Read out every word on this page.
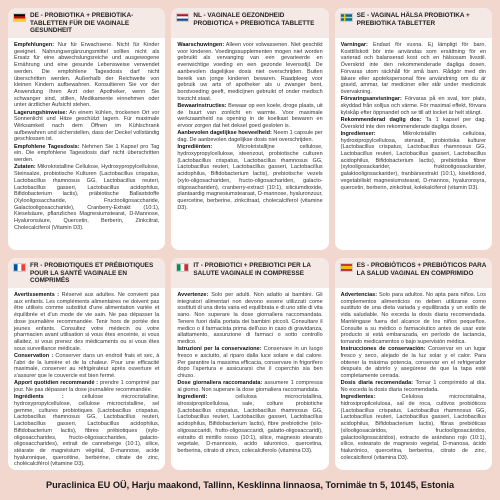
DE - PROBIOTIKA + PREBIOTIKA-TABLETTEN FÜR DIE VAGINALE GESUNDHEIT

Empfehlungen: Nur für Erwachsene. Nicht für Kinder geeignet. Nahrungsergänzungsmittel sollten nicht als Ersatz für eine abwechslungsreiche und ausgewogene Ernährung und eine gesunde Lebensweise verwendet werden. Die empfohlene Tagesdosis darf nicht überschritten werden. Außerhalb der Reichweite von kleinen Kindern aufbewahren. Konsultieren Sie vor der Anwendung Ihren Arzt oder Apotheker, wenn Sie schwanger sind, stillen, Medikamente einnehmen oder unter ärztlicher Aufsicht stehen.

Lagerungshinweise: An einem kühlen, trockenen Ort vor Sonnenlicht und Hitze geschützt lagern. Für maximale Wirksamkeit nach dem Öffnen im Kühlschrank aufbewahren und sicherstellen, dass der Deckel vollständig geschlossen ist.

Empfohlene Tagesdosis: Nehmen Sie 1 Kapsel pro Tag ein. Die empfohlene Tagesdosis darf nicht überschritten werden.

Zutaten: Mikrokristalline Cellulose, Hydroxypropylcellulose, Steinsalze, probiotische Kulturen (Lactobacillus crispatus, Lactobacillus rhamnosus GG, Lactobacillus reuteri, Lactobacillus gasseri, Lactobacillus acidophilus, Bifidobacterium lactis), präbiotische Ballaststoffe (Xylooligosaccharide, Fructooligosaccharide, Galactooligosaccharide), Cranberry-Extrakt (10:1), Kieselsäure, pflanzliches Magnesiumstearat, D-Mannose, Hyaluronsäure, Quercetin, Berberin, Zinkcitrat, Cholecalciferol (Vitamin D3).

NL - VAGINALE GEZONDHEID PROBIOTICA + PREBIOTICA TABLETTE

Waarschuwingen: Alleen voor volwassenen. Niet geschikt voor kinderen. Voedingssupplementen mogen niet worden gebruikt als vervanging van een gevarieerde en evenwichtige voeding en een gezonde levensstijl. De aanbevolen dagelijkse dosis niet overschrijden. Buiten bereik van jonge kinderen bewaren. Raadpleeg voor gebruik uw arts of apotheker als u zwanger bent, borstvoeding geeft, medicijnen gebruikt of onder medisch toezicht staat.

Bewaarinstructies: Bewaar op een koele, droge plaats, uit de buurt van zonlicht en warmte. Voor maximale werkzaamheid na opening in de koelkast bewaren en ervoor zorgen dat het deksel goed gesloten is.

Aanbevolen dagelijkse hoeveelheid: Neem 1 capsule per dag. De aanbevolen dagelijkse dosis niet overschrijden.

Ingrediënten: Microkristallijne cellulose, hydroxypropylcellulose, steenzout, probiotische culturen (Lactobacillus crispatus, Lactobacillus rhamnosus GG, Lactobacillus reuteri, Lactobacillus gasseri, Lactobacillus acidophilus, Bifidobacterium lactis), prebiotische vezels (xylo-oligosachariden, fructo-oligosachariden, galacto-oligosachariden), cranberry-extract (10:1), siliciumdioxide, plantaardig magnesiumstearaat, D-mannose, hyaluronzuur, quercetine, berberine, zinkcitraat, cholecalciferol (vitamine D3).

SE - VAGINAL HÄLSA PROBIOTIKA + PREBIOTIKA TABLETTER

Varningar: Endast för vuxna. Ej lämpligt för barn. Kosttillskott bör inte användas som ersättning för en varierad och balanserad kost och en hälsosam livsstil. Överskrid inte den rekommenderade dagliga dosen. Förvaras utom räckhåll för små barn. Rådgör med din läkare eller apotekspersonal före användning om du är gravid, ammar, tar mediciner eller står under medicinsk övervakning.

Förvaringsanvisningar: Förvaras på en sval, torr plats, skyddad från solljus och värme. För maximal effekt, förvara kylskåp efter öppnandet och se till att locket är helt stängt.

Rekommenderad daglig dos: Ta 1 kapsel per dag. Överskrid inte den rekommenderade dagliga dosen.

Ingredienser: Mikrokristallin cellulosa, hydroxipropylcellulosa, stensalt, probiotiska kulturer (Lactobacillus crispatus, Lactobacillus rhamnosus GG, Lactobacillus reuteri, Lactobacillus gasseri, Lactobacillus acidophilus, Bifidobacterium lactis), prebiotiska fibrer (xylooligosackarider, fruktooligosackarider, galaktooligosackarider), tranbärsextrakt (10:1), kiseldioxid, vegetabiliskt magnesiumstearat, D-mannos, hyaluronsyra, quercetin, berberin, zinkcitrat, kolekalciferol (vitamin D3).

FR - PROBIOTIQUES ET PRÉBIOTIQUES POUR LA SANTÉ VAGINALE EN COMPRIMÉS

Avertissements : Réservé aux adultes. Ne convient pas aux enfants. Les compléments alimentaires ne doivent pas être utilisés comme substitut d'une alimentation variée et équilibrée et d'un mode de vie sain. Ne pas dépasser la dose journalière recommandée. Tenir hors de portée des jeunes enfants. Consultez votre médecin ou votre pharmacien avant utilisation si vous êtes enceinte, si vous allaitez, si vous prenez des médicaments ou si vous êtes sous surveillance médicale.

Conservation : Conserver dans un endroit frais et sec, à l'abri de la lumière et de la chaleur. Pour une efficacité maximale, conserver au réfrigérateur après ouverture et s'assurer que le couvercle est bien fermé.

Apport quotidien recommandé : prendre 1 comprimé par jour. Ne pas dépasser la dose journalière recommandée.

Ingrédients : cellulose microcristalline, hydroxypropylcellulose, cellulose microcristalline, sel gemme, cultures probiotiques (Lactobacillus crispatus, Lactobacillus rhamnosus GG, Lactobacillus reuteri, Lactobacillus gasseri, Lactobacillus acidophilus, Bifidobacterium lactis), fibres prébiotiques (xylo-oligosaccharides, fructo-oligosaccharides, galacto-oligosaccharides), extrait de canneberge (10:1), silice, stéarate de magnésium végétal, D-mannose, acide hyaluronique, quercétine, berbérine, citrate de zinc, cholécalciférol (vitamine D3).

IT - PROBIOTICI + PREBIOTICI PER LA SALUTE VAGINALE IN COMPRESSE

Avvertenze: Solo per adulti. Non adatto ai bambini. Gli integratori alimentari non devono essere utilizzati come sostituti di una dieta varia ed equilibrata e di uno stile di vita sano. Non superare la dose giornaliera raccomandata. Tenere fuori dalla portata dei bambini piccoli. Consultare il medico o il farmacista prima dell'uso in caso di gravidanza, allattamento, assunzione di farmaci o sotto controllo medico.

Istruzioni per la conservazione: Conservare in un luogo fresco e asciutto, al riparo dalla luce solare e dal calore. Per garantire la massima efficacia, conservare in frigorifero dopo l'apertura e assicurarsi che il coperchio sia ben chiuso.

Dose giornaliera raccomandata: assumere 1 compressa al giorno. Non superare la dose giornaliera raccomandata.

Ingredienti: cellulosa microcristallina, idrossipropilcellulosa, sale, colture probiotiche (Lactobacillus crispatus, Lactobacillus rhamnosus GG, Lactobacillus reuteri, Lactobacillus gasseri, Lactobacillus acidophilus, Bifidobacterium lactis), fibre prebiotiche (xilo-oligosaccaridi, frutto-oligosaccaridi, galatto-oligosaccaridi), estratto di mirtillo rosso (10:1), silice, magnesio stearato vegetale, D-mannosio, acido ialuronico, quercetina, berberina, citrato di zinco, colecalciferolo (vitamina D3).

ES - PROBIÓTICOS + PREBIÓTICOS PARA LA SALUD VAGINAL EN COMPRIMIDO

Advertencias: Solo para adultos. No apta para niños. Los complementos alimenticios no deben utilizarse como sustituto de una dieta variada y equilibrada y un estilo de vida saludable. No exceda la dosis diaria recomendada. Manténgase fuera del alcance de los niños pequeños. Consulte a su médico o farmacéutico antes de usar este producto si está embarazada, en período de lactancia, tomando medicamentos o bajo supervisión médica.

Instrucciones de conservación: Conservar en un lugar fresco y seco, alejado de la luz solar y el calor. Para obtener la máxima potencia, conservar en el refrigerador después de abrirlo y asegúrese de que la tapa esté completamente cerrada.

Dosis diaria recomendada: Tomar 1 comprimido al día. No exceda la dosis diaria recomendada.

Ingredientes: Celulosa microcristalina, hidroxipropilcelulosa, sal de roca, cultivos probióticos (Lactobacillus crispatus, Lactobacillus rhamnosus GG, Lactobacillus reuteri, Lactobacillus gasseri, Lactobacillus acidophilus, Bifidobacterium lactis), fibras prebióticas (xilooligosacáridos, fructooligosacáridos, galactooligosacáridos), extracto de arándano rojo (10:1), sílice, estearato de magnesio vegetal, D-manosa, ácido hialurónico, quercetina, berberina, citrato de zinc, colecalciferol (vitamina D3).

Puraclinica EU OÜ, Harju maakond, Tallinn, Kesklinna linnaosa, Tornimäe tn 5, 10145, Estonia
